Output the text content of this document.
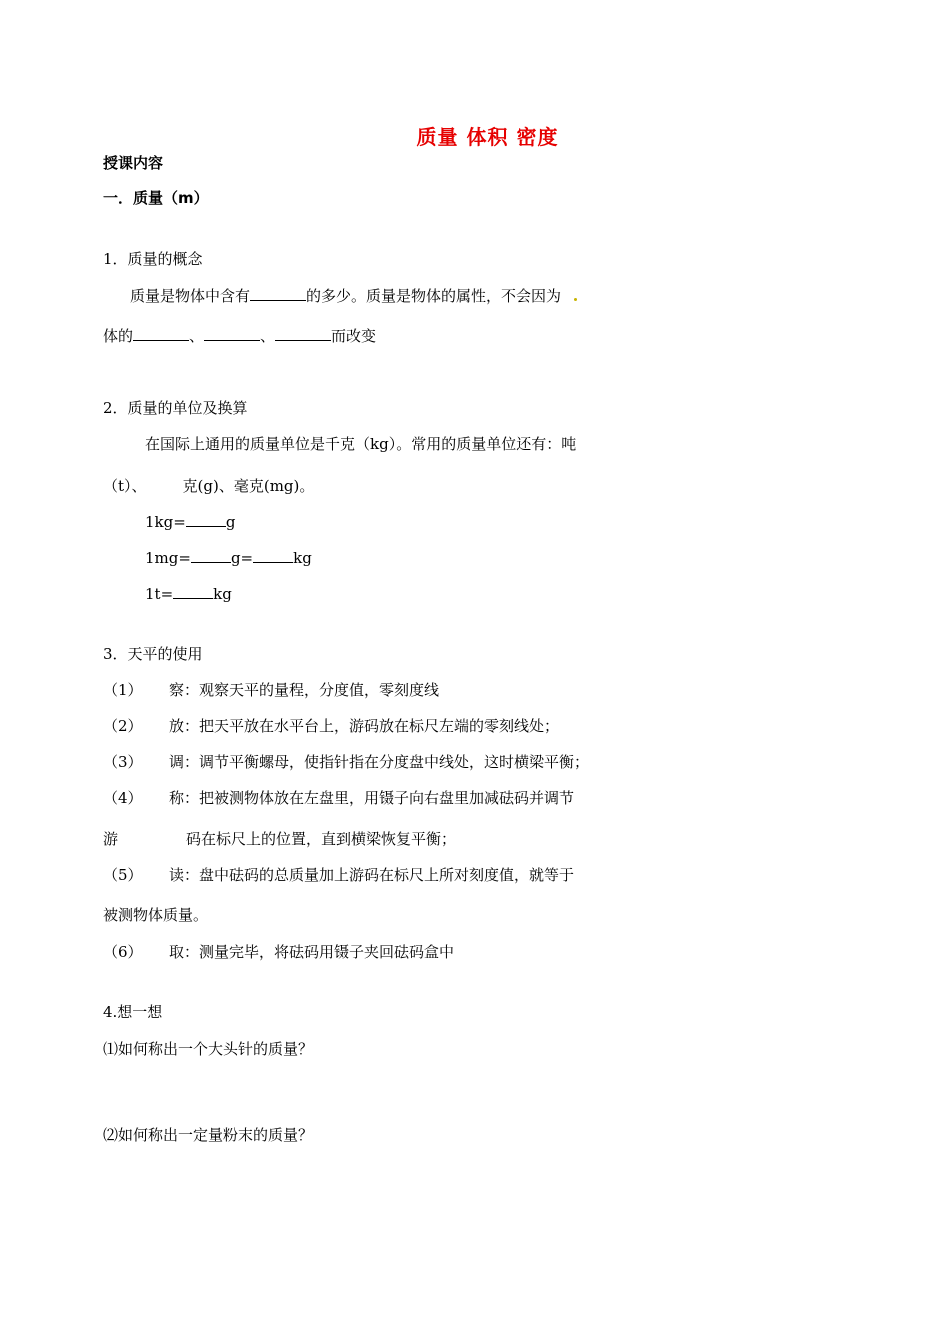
质量 体积 密度
授课内容
一．质量（m）
1．质量的概念
质量是物体中含有	的多少。质量是物体的属性，不会因为
体的	、	、	而改变
2．质量的单位及换算
在国际上通用的质量单位是千克（kg）。常用的质量单位还有：吨
（t）、 克(g)、毫克(mg)。
1kg=	g
1mg=	g=	kg
1t=	kg
3．天平的使用
（1） 察：观察天平的量程，分度值，零刻度线
（2） 放：把天平放在水平台上，游码放在标尺左端的零刻线处；
（3） 调：调节平衡螺母，使指针指在分度盘中线处，这时横梁平衡；
（4） 称：把被测物体放在左盘里，用镊子向右盘里加减砝码并调节
游	码在标尺上的位置，直到横梁恢复平衡；
（5） 读：盘中砝码的总质量加上游码在标尺上所对刻度值，就等于
被测物体质量。
（6） 取：测量完毕，将砝码用镊子夹回砝码盒中
4.想一想
⑴如何称出一个大头针的质量？
⑵如何称出一定量粉末的质量？
